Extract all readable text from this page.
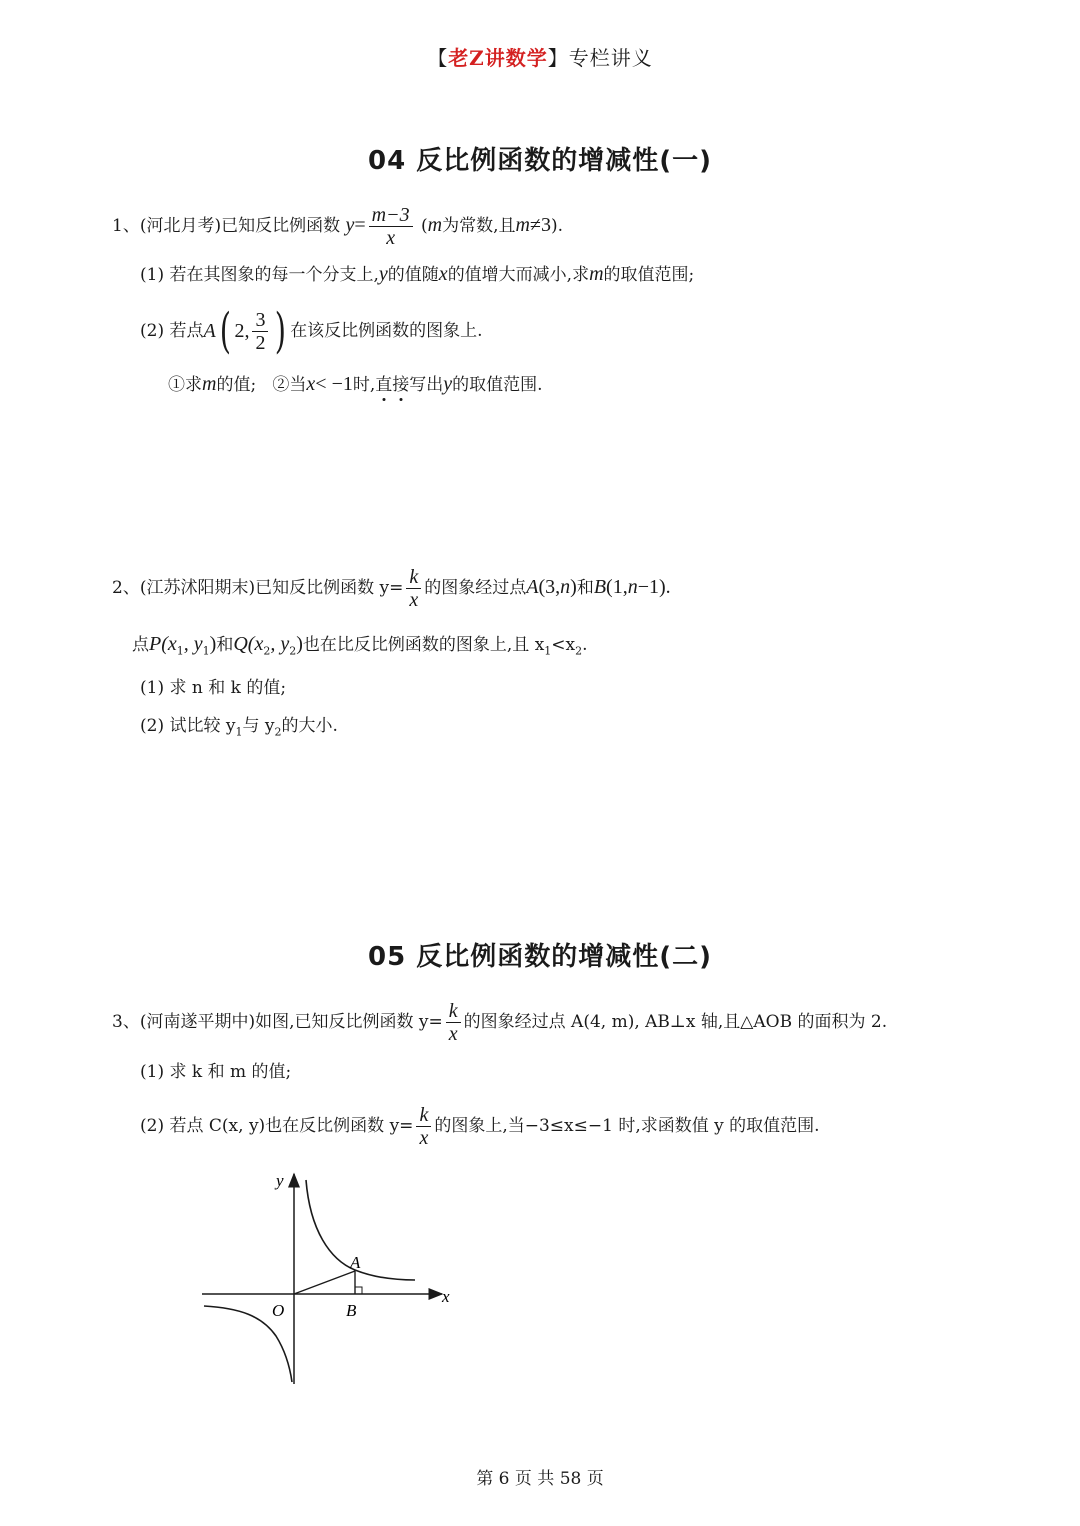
【老Z讲数学】专栏讲义
04 反比例函数的增减性(一)
1、(河北月考)已知反比例函数 $y= \frac{m-3}{x} (m$为常数,且m≠3).
(1) 若在其图象的每一个分支上,y的值随x的值增大而减小,求m的取值范围;
(2)
若点 A ( 2, $\frac{3}{2}$ ) 在该反比例函数的图象上.
①求m的值; ②当x< −1时,直接写出y的取值范围.
2、(江苏沭阳期末)已知反比例函数 $y= \frac{k}{x}$ 的图象经过点A(3,n)和B(1,n−1).
点$P(x_1$, $y_1$)和$Q(x_2$, $y_2$)也在比反比例函数的图象上,且 $x_1<x_2$.
(1) 求 n 和 k 的值;
(2) 试比较 $y_1$与 $y_2$的大小.
05 反比例函数的增减性(二)
3、(河南遂平期中)如图,已知反比例函数 $y= \frac{k}{x}$ 的图象经过点 A(4, m), AB⊥x 轴,且△AOB 的面积为 2.
(1) 求 k 和 m 的值;
(2) 若点 C(x, y)也在反比例函数 $y= \frac{k}{x}$ 的图象上,当−3≤x≤−1 时,求函数值 y 的取值范围.
y
x
O
A
B
第 6 页 共 58 页
